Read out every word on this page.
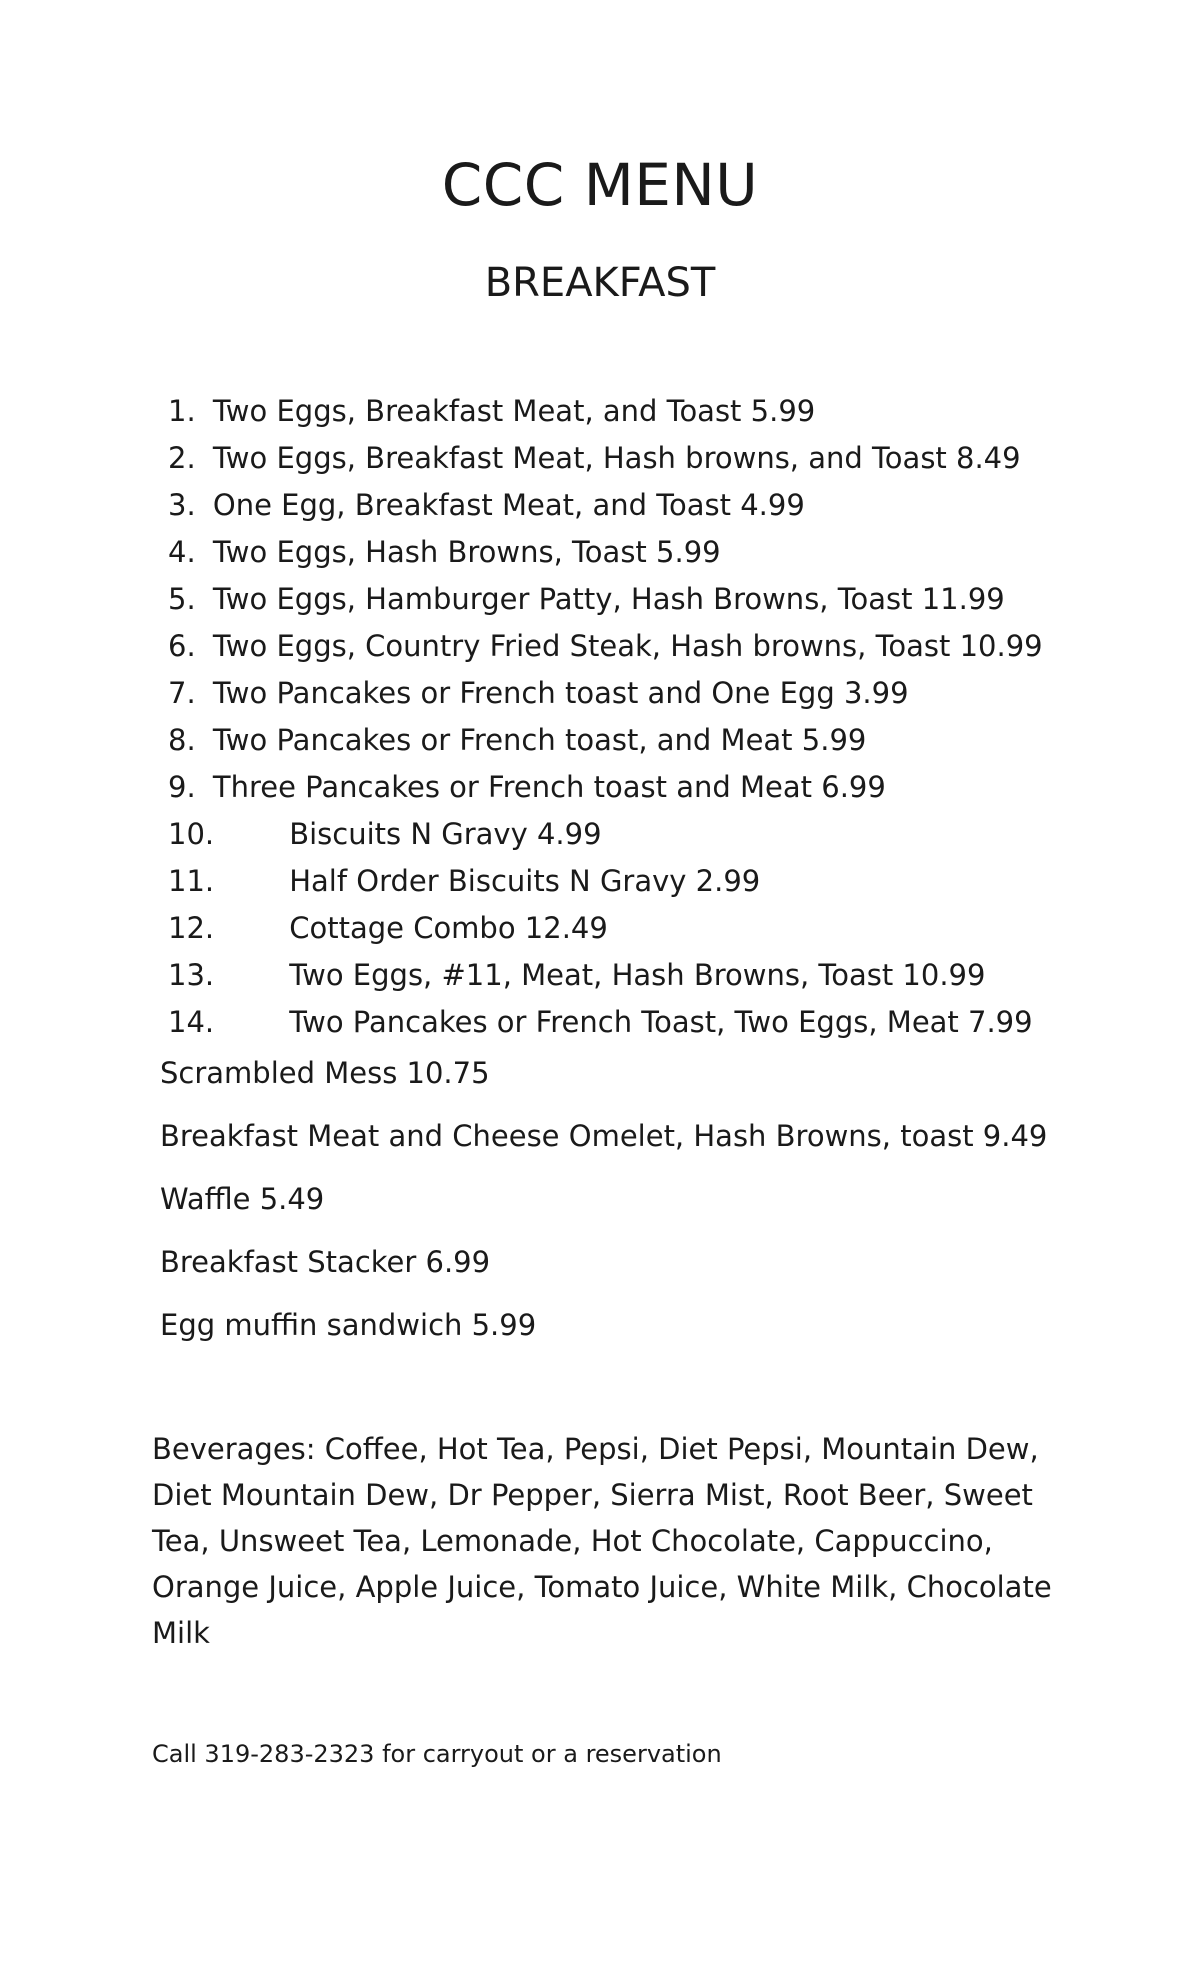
CCC MENU
BREAKFAST
1. Two Eggs, Breakfast Meat, and Toast 5.99
2. Two Eggs, Breakfast Meat, Hash browns, and Toast 8.49
3. One Egg, Breakfast Meat, and Toast 4.99
4. Two Eggs, Hash Browns, Toast 5.99
5. Two Eggs, Hamburger Patty, Hash Browns, Toast 11.99
6. Two Eggs, Country Fried Steak, Hash browns, Toast 10.99
7. Two Pancakes or French toast and One Egg 3.99
8. Two Pancakes or French toast, and Meat 5.99
9. Three Pancakes or French toast and Meat 6.99
10.	Biscuits N Gravy 4.99
11.	Half Order Biscuits N Gravy 2.99
12.	Cottage Combo 12.49
13.	Two Eggs, #11, Meat, Hash Browns, Toast 10.99
14.	Two Pancakes or French Toast, Two Eggs, Meat 7.99
Scrambled Mess 10.75
Breakfast Meat and Cheese Omelet, Hash Browns, toast 9.49
Waffle 5.49
Breakfast Stacker 6.99
Egg muffin sandwich 5.99
Beverages: Coffee, Hot Tea, Pepsi, Diet Pepsi, Mountain Dew, Diet Mountain Dew, Dr Pepper, Sierra Mist, Root Beer, Sweet Tea, Unsweet Tea, Lemonade, Hot Chocolate, Cappuccino, Orange Juice, Apple Juice, Tomato Juice, White Milk, Chocolate Milk
Call 319-283-2323 for carryout or a reservation
